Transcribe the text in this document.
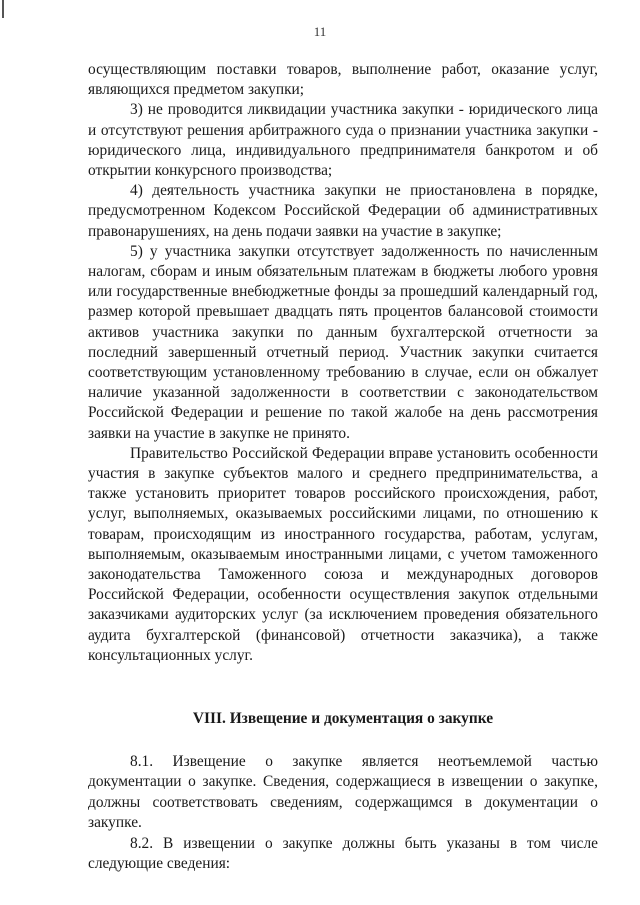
11

осуществляющим поставки товаров, выполнение работ, оказание услуг, являющихся предметом закупки;

3) не проводится ликвидации участника закупки - юридического лица и отсутствуют решения арбитражного суда о признании участника закупки - юридического лица, индивидуального предпринимателя банкротом и об открытии конкурсного производства;

4) деятельность участника закупки не приостановлена в порядке, предусмотренном Кодексом Российской Федерации об административных правонарушениях, на день подачи заявки на участие в закупке;

5) у участника закупки отсутствует задолженность по начисленным налогам, сборам и иным обязательным платежам в бюджеты любого уровня или государственные внебюджетные фонды за прошедший календарный год, размер которой превышает двадцать пять процентов балансовой стоимости активов участника закупки по данным бухгалтерской отчетности за последний завершенный отчетный период. Участник закупки считается соответствующим установленному требованию в случае, если он обжалует наличие указанной задолженности в соответствии с законодательством Российской Федерации и решение по такой жалобе на день рассмотрения заявки на участие в закупке не принято.

Правительство Российской Федерации вправе установить особенности участия в закупке субъектов малого и среднего предпринимательства, а также установить приоритет товаров российского происхождения, работ, услуг, выполняемых, оказываемых российскими лицами, по отношению к товарам, происходящим из иностранного государства, работам, услугам, выполняемым, оказываемым иностранными лицами, с учетом таможенного законодательства Таможенного союза и международных договоров Российской Федерации, особенности осуществления закупок отдельными заказчиками аудиторских услуг (за исключением проведения обязательного аудита бухгалтерской (финансовой) отчетности заказчика), а также консультационных услуг.

VIII. Извещение и документация о закупке

8.1. Извещение о закупке является неотъемлемой частью документации о закупке. Сведения, содержащиеся в извещении о закупке, должны соответствовать сведениям, содержащимся в документации о закупке.

8.2. В извещении о закупке должны быть указаны в том числе следующие сведения:
